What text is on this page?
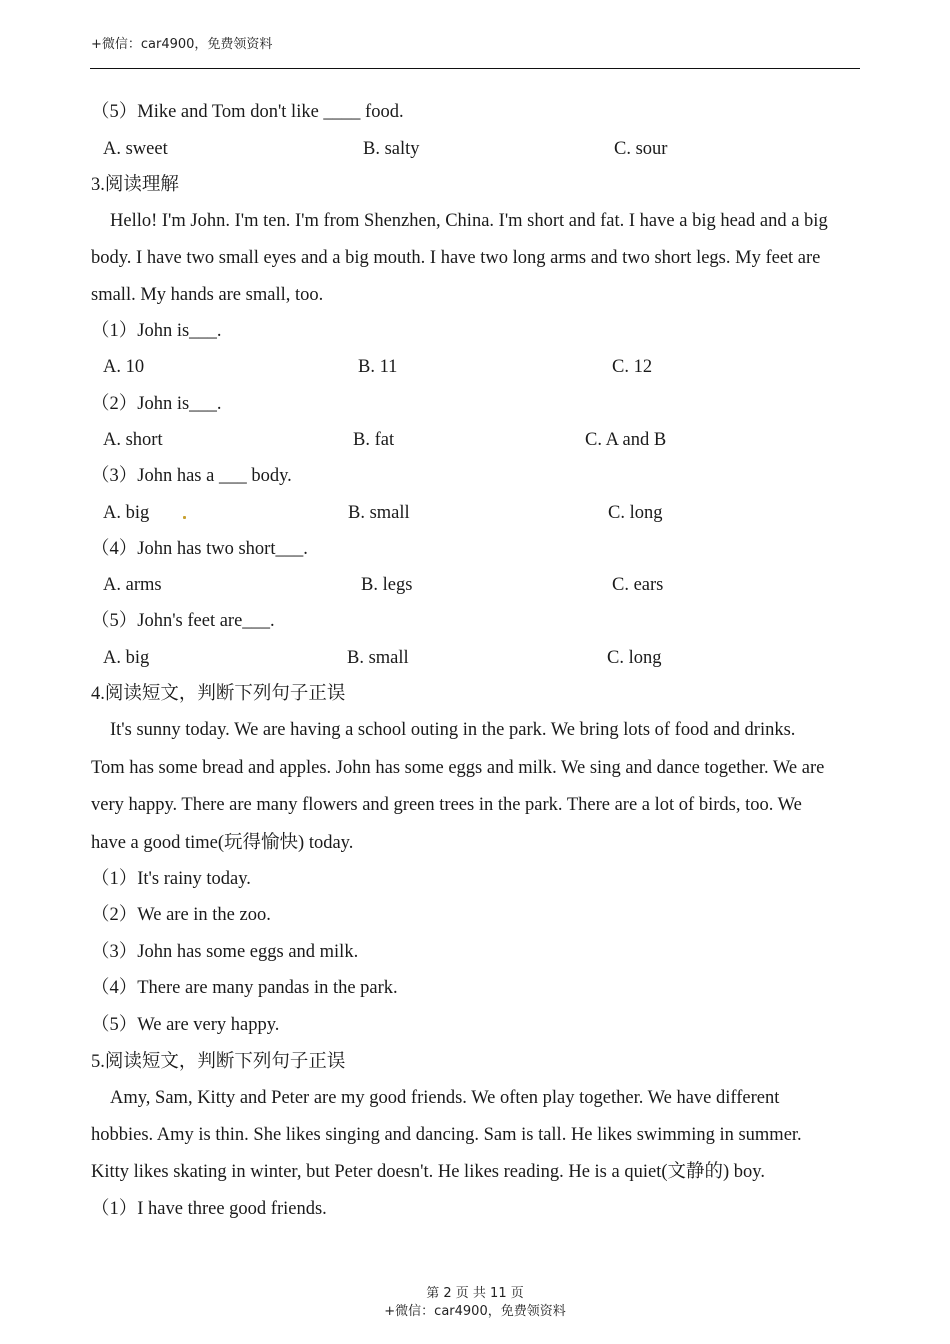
+微信：car4900，免费领资料
（5）Mike and Tom don't like ____ food.
A. sweet	B. salty	C. sour
3.阅读理解
Hello! I'm John. I'm ten. I'm from Shenzhen, China. I'm short and fat. I have a big head and a big
body. I have two small eyes and a big mouth. I have two long arms and two short legs. My feet are
small. My hands are small, too.
（1）John is___.
A. 10	B. 11	C. 12
（2）John is___.
A. short	B. fat	C. A and B
（3）John has a ___ body.
A. big	B. small	C. long
（4）John has two short___.
A. arms	B. legs	C. ears
（5）John's feet are___.
A. big	B. small	C. long
4.阅读短文，判断下列句子正误
It's sunny today. We are having a school outing in the park. We bring lots of food and drinks.
Tom has some bread and apples. John has some eggs and milk. We sing and dance together. We are
very happy. There are many flowers and green trees in the park. There are a lot of birds, too. We
have a good time(玩得愉快) today.
（1）It's rainy today.
（2）We are in the zoo.
（3）John has some eggs and milk.
（4）There are many pandas in the park.
（5）We are very happy.
5.阅读短文，判断下列句子正误
Amy, Sam, Kitty and Peter are my good friends. We often play together. We have different
hobbies. Amy is thin. She likes singing and dancing. Sam is tall. He likes swimming in summer.
Kitty likes skating in winter, but Peter doesn't. He likes reading. He is a quiet(文静的) boy.
（1）I have three good friends.
第 2 页 共 11 页
+微信：car4900，免费领资料
